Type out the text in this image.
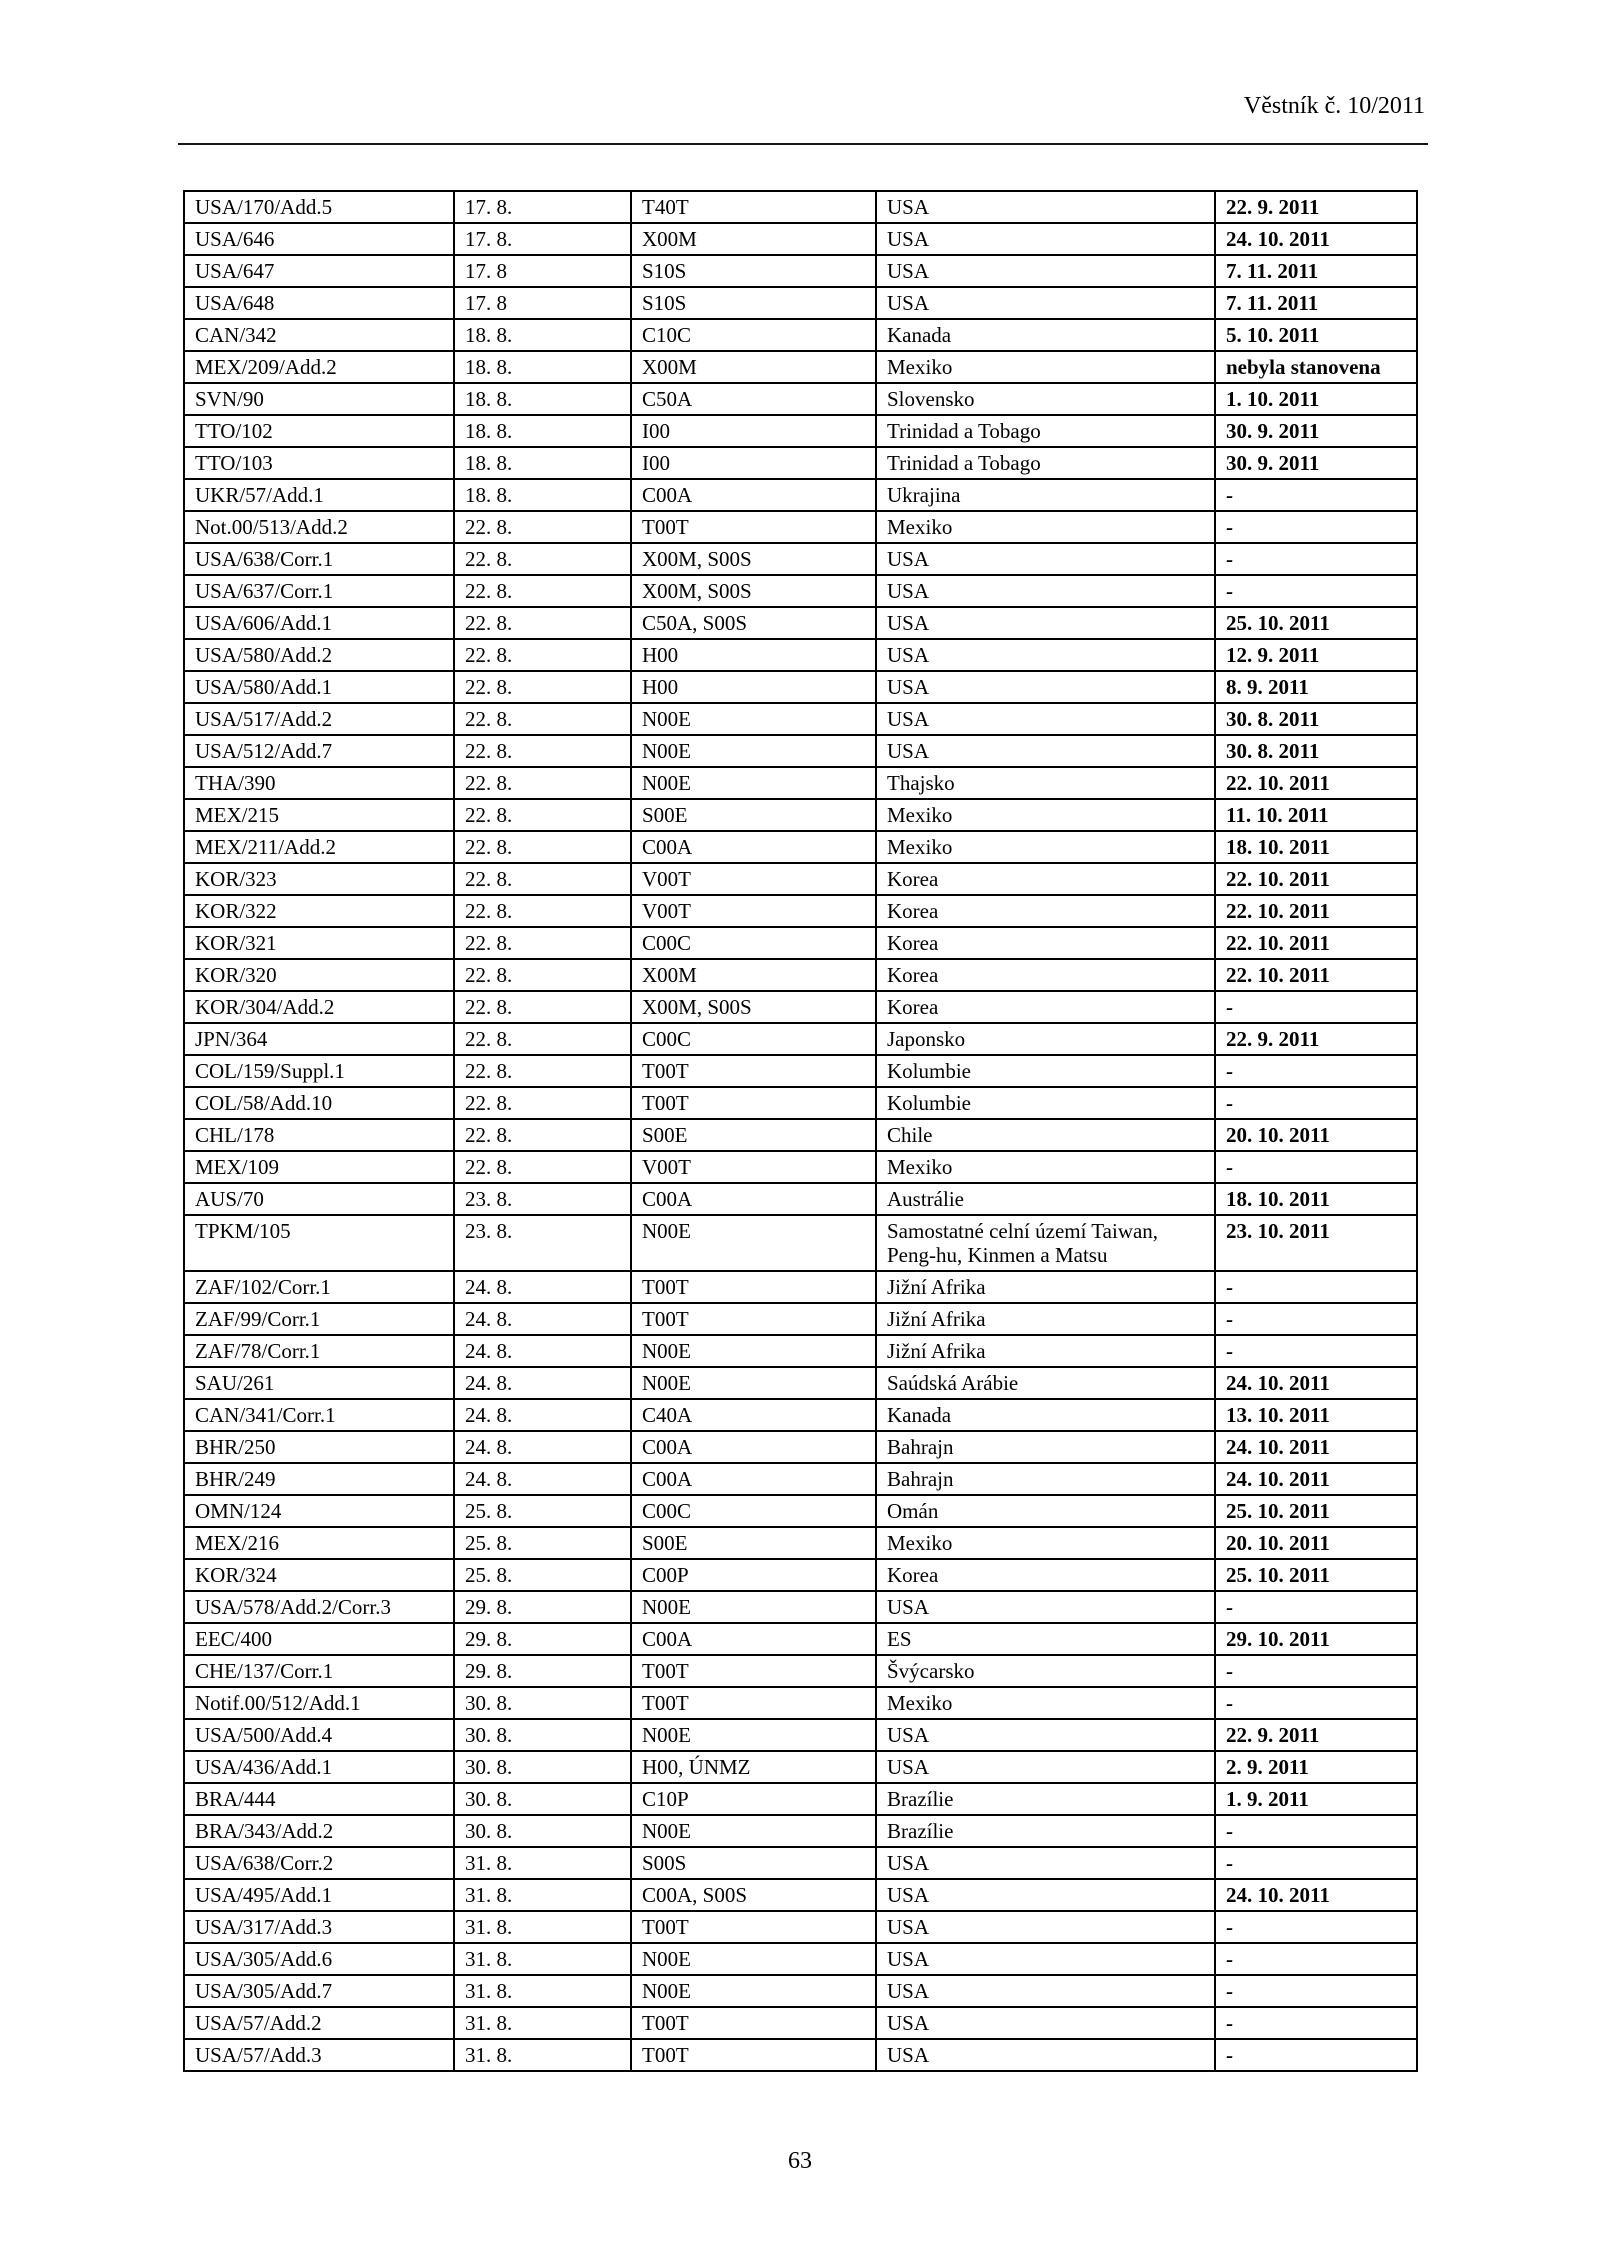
Věstník č. 10/2011
USA/170/Add.5	17. 8.	T40T	USA	22. 9. 2011
USA/646	17. 8.	X00M	USA	24. 10. 2011
USA/647	17. 8	S10S	USA	7. 11. 2011
USA/648	17. 8	S10S	USA	7. 11. 2011
CAN/342	18. 8.	C10C	Kanada	5. 10. 2011
MEX/209/Add.2	18. 8.	X00M	Mexiko	nebyla stanovena
SVN/90	18. 8.	C50A	Slovensko	1. 10. 2011
TTO/102	18. 8.	I00	Trinidad a Tobago	30. 9. 2011
TTO/103	18. 8.	I00	Trinidad a Tobago	30. 9. 2011
UKR/57/Add.1	18. 8.	C00A	Ukrajina	-
Not.00/513/Add.2	22. 8.	T00T	Mexiko	-
USA/638/Corr.1	22. 8.	X00M, S00S	USA	-
USA/637/Corr.1	22. 8.	X00M, S00S	USA	-
USA/606/Add.1	22. 8.	C50A, S00S	USA	25. 10. 2011
USA/580/Add.2	22. 8.	H00	USA	12. 9. 2011
USA/580/Add.1	22. 8.	H00	USA	8. 9. 2011
USA/517/Add.2	22. 8.	N00E	USA	30. 8. 2011
USA/512/Add.7	22. 8.	N00E	USA	30. 8. 2011
THA/390	22. 8.	N00E	Thajsko	22. 10. 2011
MEX/215	22. 8.	S00E	Mexiko	11. 10. 2011
MEX/211/Add.2	22. 8.	C00A	Mexiko	18. 10. 2011
KOR/323	22. 8.	V00T	Korea	22. 10. 2011
KOR/322	22. 8.	V00T	Korea	22. 10. 2011
KOR/321	22. 8.	C00C	Korea	22. 10. 2011
KOR/320	22. 8.	X00M	Korea	22. 10. 2011
KOR/304/Add.2	22. 8.	X00M, S00S	Korea	-
JPN/364	22. 8.	C00C	Japonsko	22. 9. 2011
COL/159/Suppl.1	22. 8.	T00T	Kolumbie	-
COL/58/Add.10	22. 8.	T00T	Kolumbie	-
CHL/178	22. 8.	S00E	Chile	20. 10. 2011
MEX/109	22. 8.	V00T	Mexiko	-
AUS/70	23. 8.	C00A	Austrálie	18. 10. 2011
TPKM/105	23. 8.	N00E	Samostatné celní území Taiwan, Peng-hu, Kinmen a Matsu	23. 10. 2011
ZAF/102/Corr.1	24. 8.	T00T	Jižní Afrika	-
ZAF/99/Corr.1	24. 8.	T00T	Jižní Afrika	-
ZAF/78/Corr.1	24. 8.	N00E	Jižní Afrika	-
SAU/261	24. 8.	N00E	Saúdská Arábie	24. 10. 2011
CAN/341/Corr.1	24. 8.	C40A	Kanada	13. 10. 2011
BHR/250	24. 8.	C00A	Bahrajn	24. 10. 2011
BHR/249	24. 8.	C00A	Bahrajn	24. 10. 2011
OMN/124	25. 8.	C00C	Omán	25. 10. 2011
MEX/216	25. 8.	S00E	Mexiko	20. 10. 2011
KOR/324	25. 8.	C00P	Korea	25. 10. 2011
USA/578/Add.2/Corr.3	29. 8.	N00E	USA	-
EEC/400	29. 8.	C00A	ES	29. 10. 2011
CHE/137/Corr.1	29. 8.	T00T	Švýcarsko	-
Notif.00/512/Add.1	30. 8.	T00T	Mexiko	-
USA/500/Add.4	30. 8.	N00E	USA	22. 9. 2011
USA/436/Add.1	30. 8.	H00, ÚNMZ	USA	2. 9. 2011
BRA/444	30. 8.	C10P	Brazílie	1. 9. 2011
BRA/343/Add.2	30. 8.	N00E	Brazílie	-
USA/638/Corr.2	31. 8.	S00S	USA	-
USA/495/Add.1	31. 8.	C00A, S00S	USA	24. 10. 2011
USA/317/Add.3	31. 8.	T00T	USA	-
USA/305/Add.6	31. 8.	N00E	USA	-
USA/305/Add.7	31. 8.	N00E	USA	-
USA/57/Add.2	31. 8.	T00T	USA	-
USA/57/Add.3	31. 8.	T00T	USA	-
63
